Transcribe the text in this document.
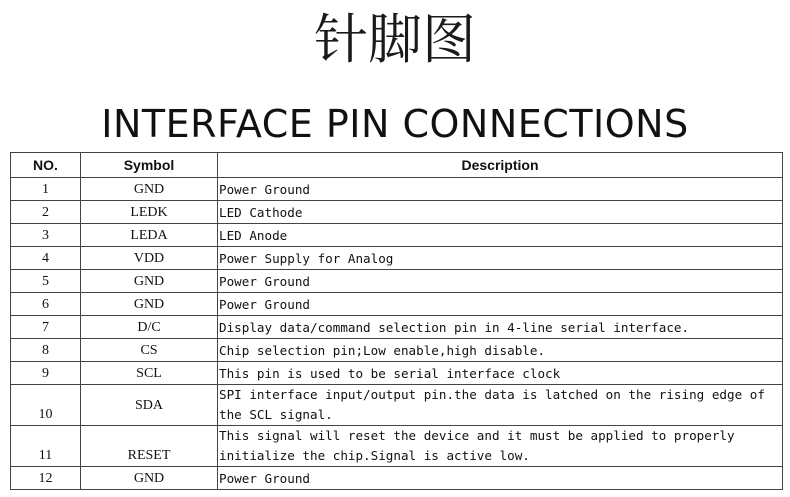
针脚图
INTERFACE PIN CONNECTIONS
NO.	Symbol	Description
1	GND	Power Ground
2	LEDK	LED Cathode
3	LEDA	LED Anode
4	VDD	Power Supply for Analog
5	GND	Power Ground
6	GND	Power Ground
7	D/C	Display data/command selection pin in 4-line serial interface.
8	CS	Chip selection pin;Low enable,high disable.
9	SCL	This pin is used to be serial interface clock
10	SDA	SPI interface input/output pin.the data is latched on the rising edge of the SCL signal.
11	RESET	This signal will reset the device and it must be applied to properly initialize the chip.Signal is active low.
12	GND	Power Ground
